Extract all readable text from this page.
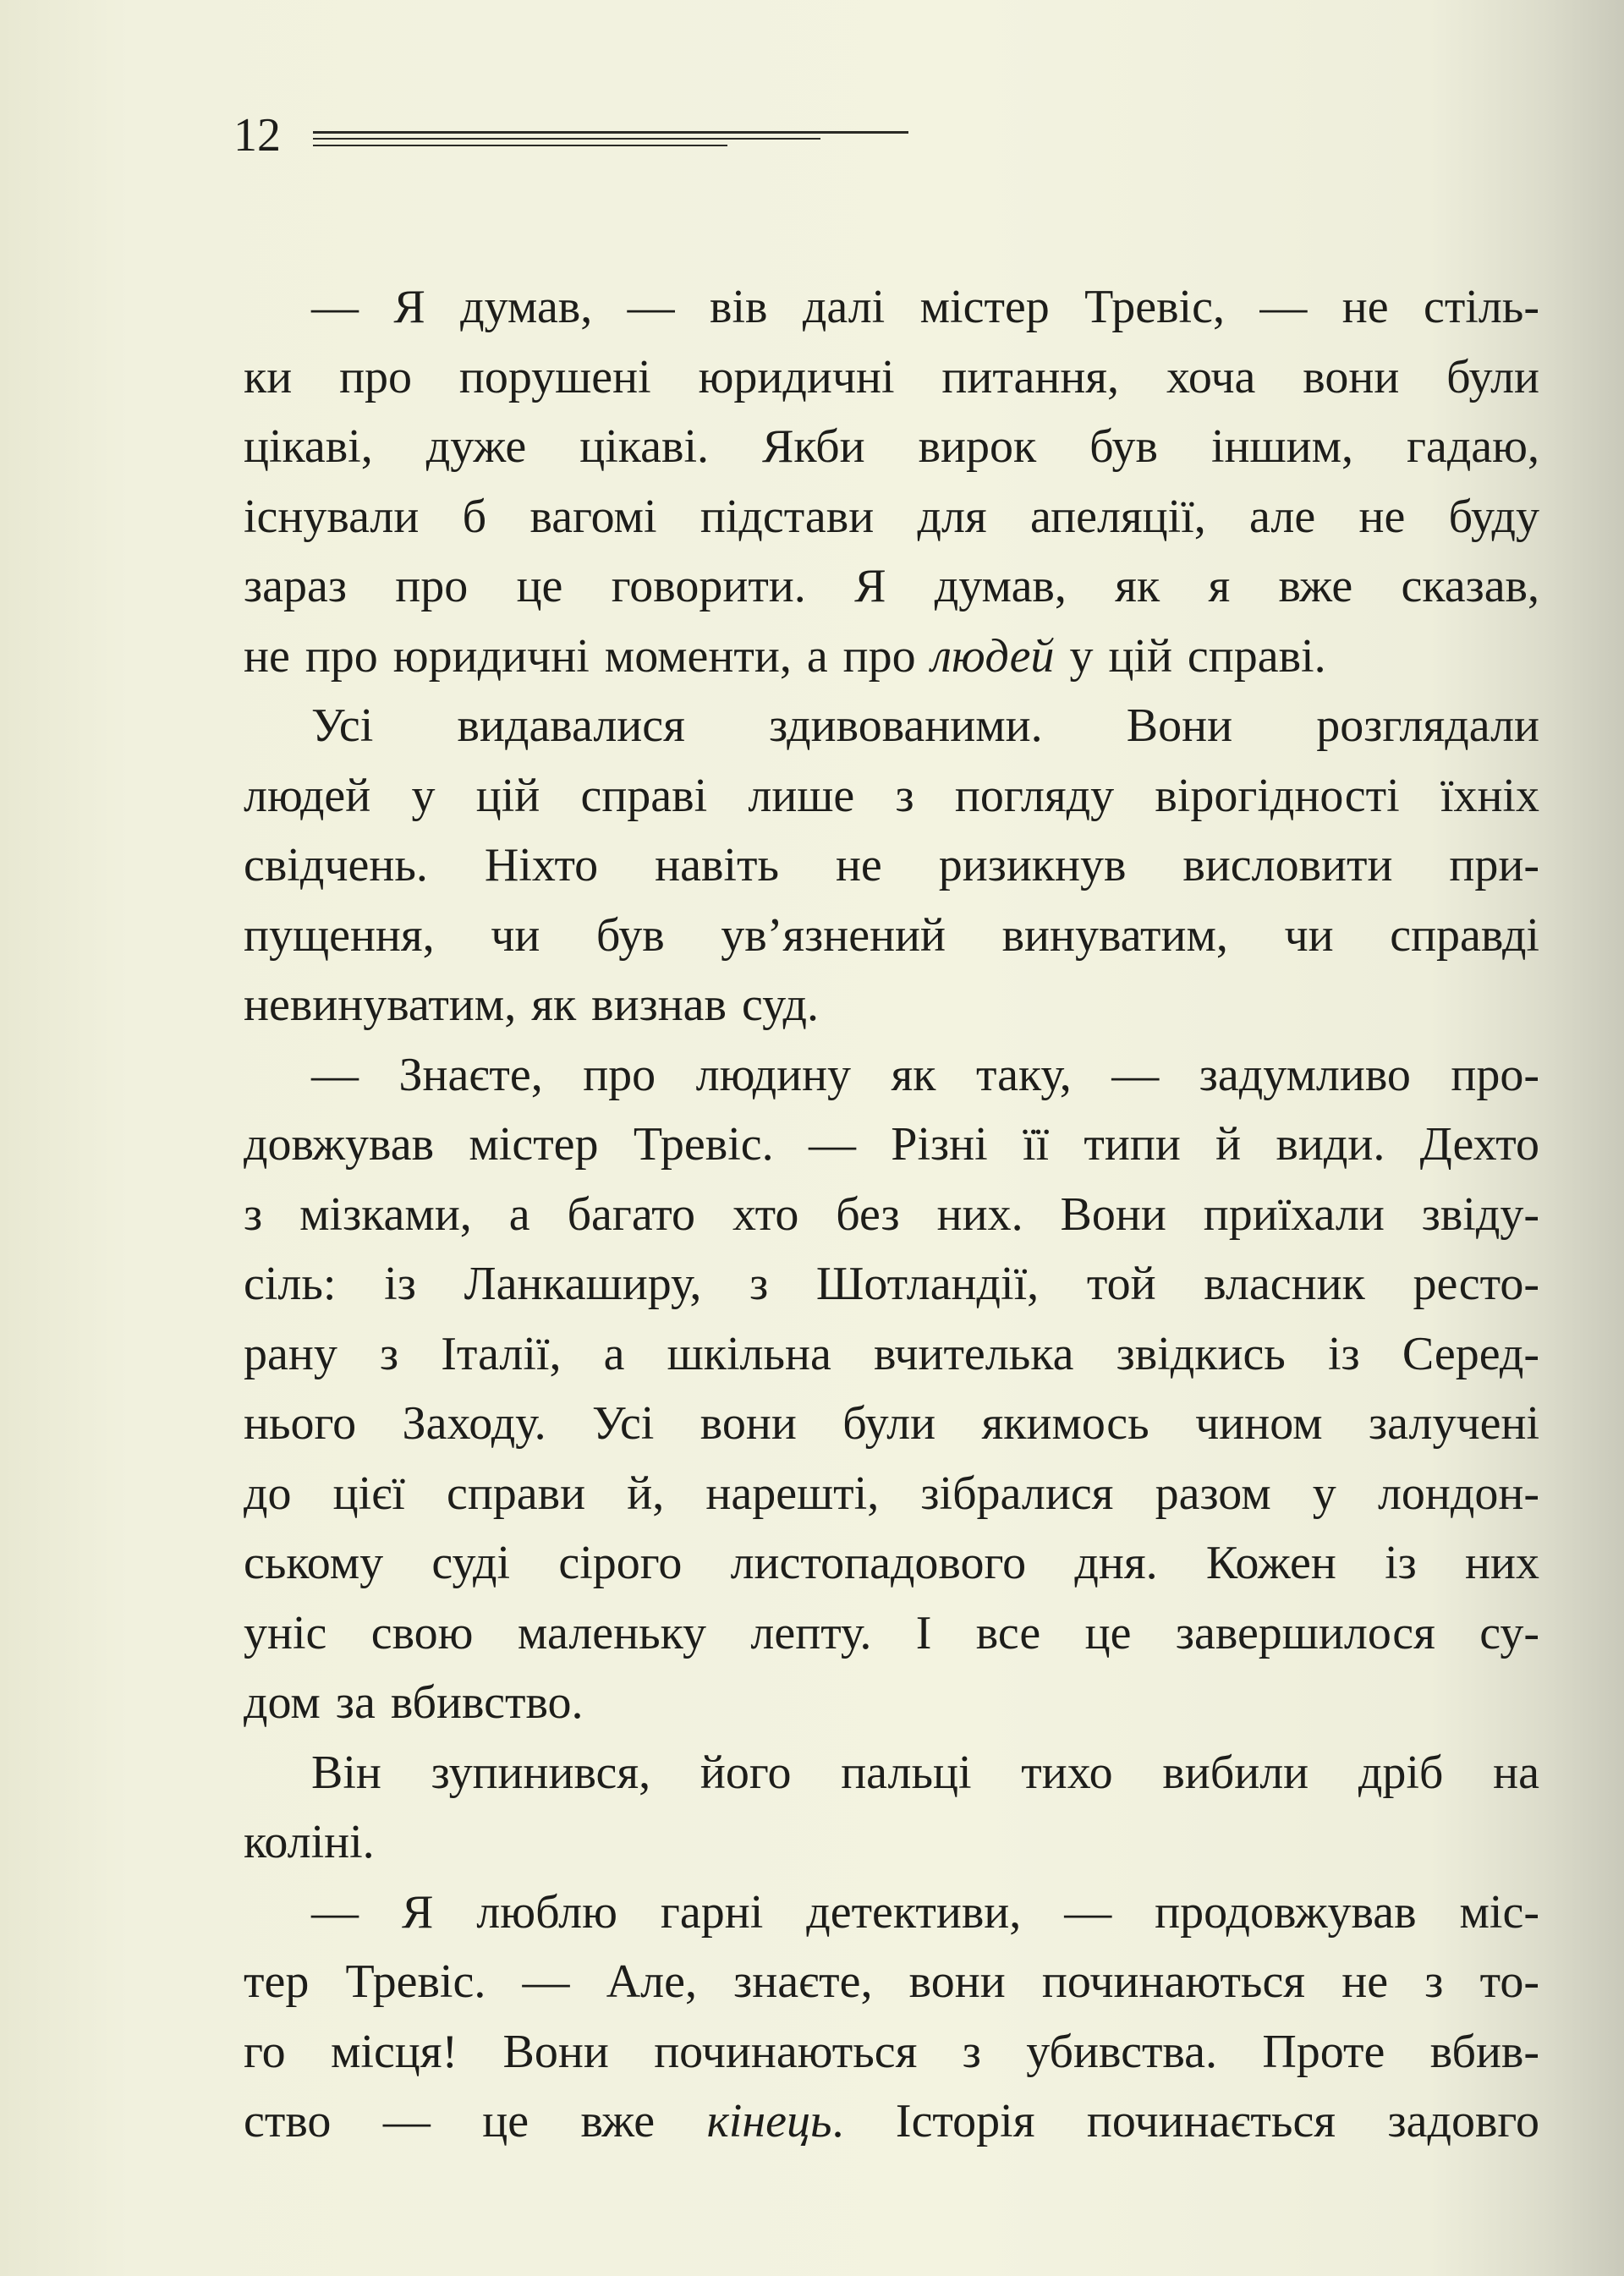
12
— Я думав, — вів далі містер Тревіс, — не стіль-
ки про порушені юридичні питання, хоча вони були
цікаві, дуже цікаві. Якби вирок був іншим, гадаю,
існували б вагомі підстави для апеляції, але не буду
зараз про це говорити. Я думав, як я вже сказав,
не про юридичні моменти, а про людей у цій справі.
Усі видавалися здивованими. Вони розглядали
людей у цій справі лише з погляду вірогідності їхніх
свідчень. Ніхто навіть не ризикнув висловити при-
пущення, чи був ув’язнений винуватим, чи справді
невинуватим, як визнав суд.
— Знаєте, про людину як таку, — задумливо про-
довжував містер Тревіс. — Різні її типи й види. Дехто
з мізками, а багато хто без них. Вони приїхали звіду-
сіль: із Ланкаширу, з Шотландії, той власник ресто-
рану з Італії, а шкільна вчителька звідкись із Серед-
нього Заходу. Усі вони були якимось чином залучені
до цієї справи й, нарешті, зібралися разом у лондон-
ському суді сірого листопадового дня. Кожен із них
уніс свою маленьку лепту. І все це завершилося су-
дом за вбивство.
Він зупинився, його пальці тихо вибили дріб на
коліні.
— Я люблю гарні детективи, — продовжував міс-
тер Тревіс. — Але, знаєте, вони починаються не з то-
го місця! Вони починаються з убивства. Проте вбив-
ство — це вже кінець. Історія починається задовго
